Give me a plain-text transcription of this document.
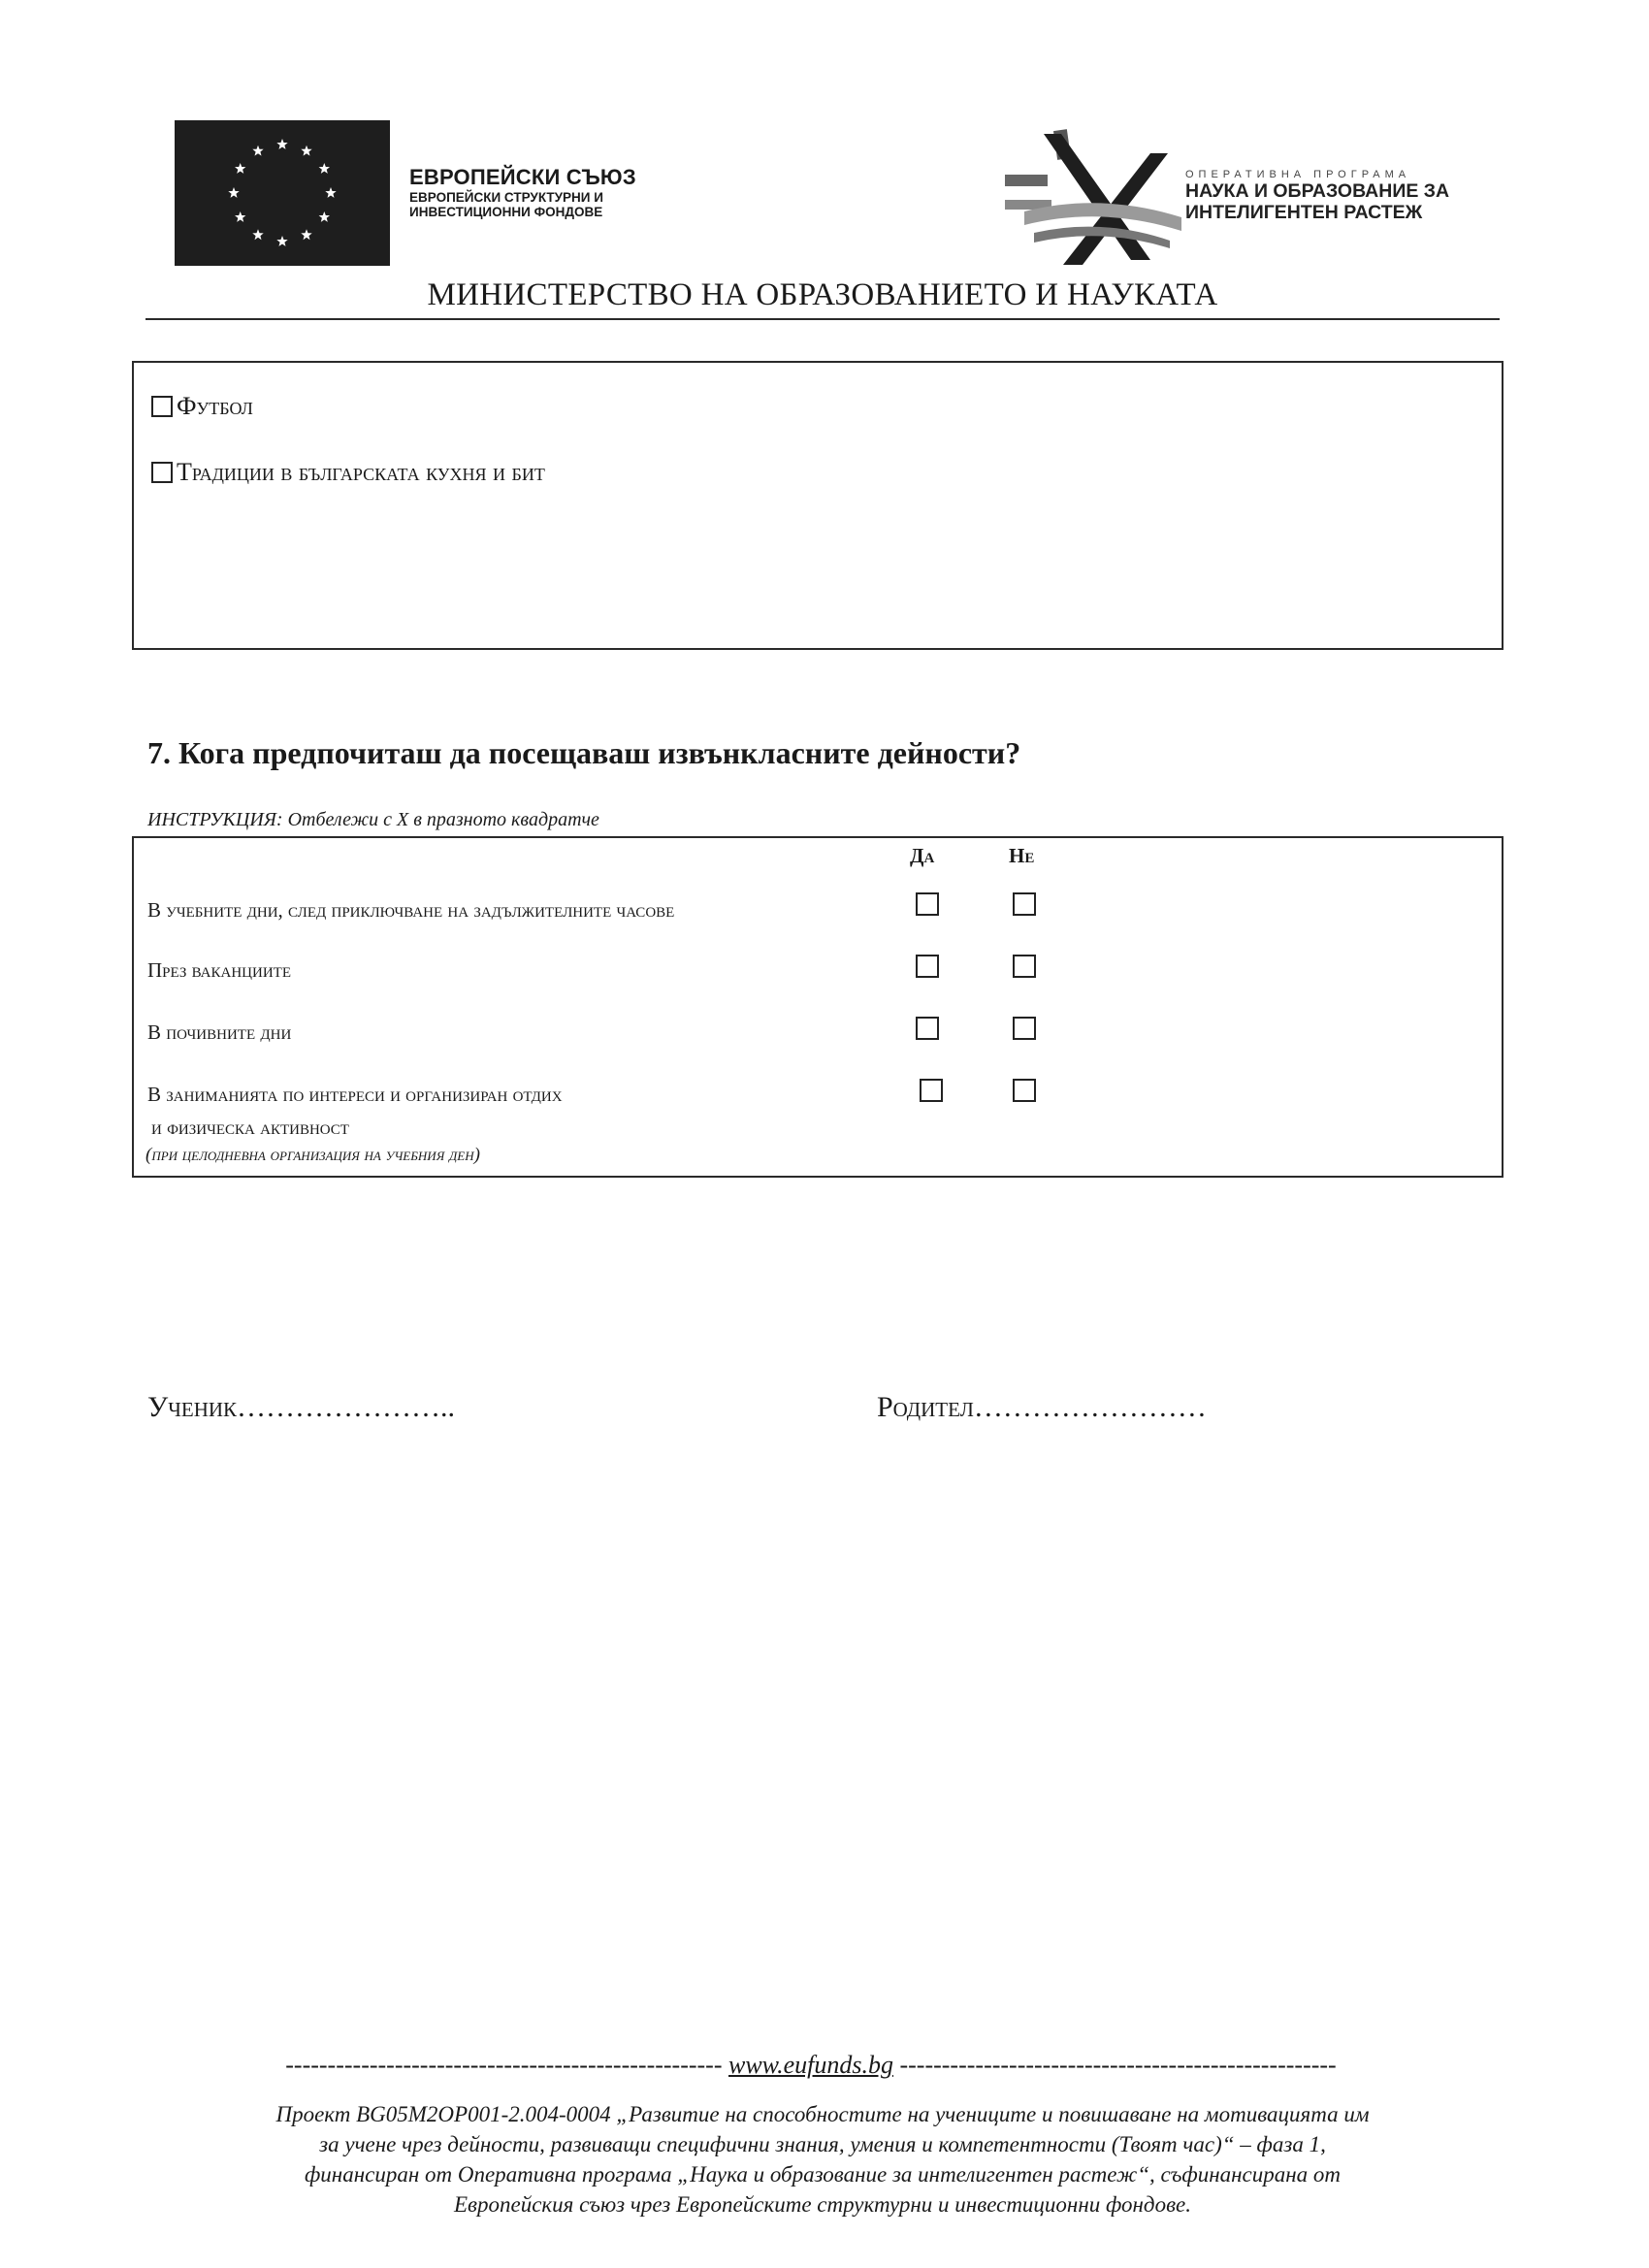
ЕВРОПЕЙСКИ СЪЮЗ
ЕВРОПЕЙСКИ СТРУКТУРНИ И
ИНВЕСТИЦИОННИ ФОНДОВЕ
ОПЕРАТИВНА ПРОГРАМА
НАУКА И ОБРАЗОВАНИЕ ЗА
ИНТЕЛИГЕНТЕН РАСТЕЖ
МИНИСТЕРСТВО НА ОБРАЗОВАНИЕТО И НАУКАТА
Футбол
Традиции в българската кухня и бит
7. Кога предпочиташ да посещаваш извънкласните дейности?
ИНСТРУКЦИЯ: Отбележи с Х в празното квадратче
Да	Не
В учебните дни, след приключване на задължителните часове
През ваканциите
В почивните дни
В заниманията по интереси и организиран отдих
и физическа активност
(при целодневна организация на учебния ден)
Ученик…………………..	Родител……………………
---------------------------------------------------- www.eufunds.bg ----------------------------------------------------
Проект BG05M2OP001-2.004-0004 „Развитие на способностите на учениците и повишаване на мотивацията им
за учене чрез дейности, развиващи специфични знания, умения и компетентности (Твоят час)“ – фаза 1,
финансиран от Оперативна програма „Наука и образование за интелигентен растеж“, съфинансирана от
Европейския съюз чрез Европейските структурни и инвестиционни фондове.
